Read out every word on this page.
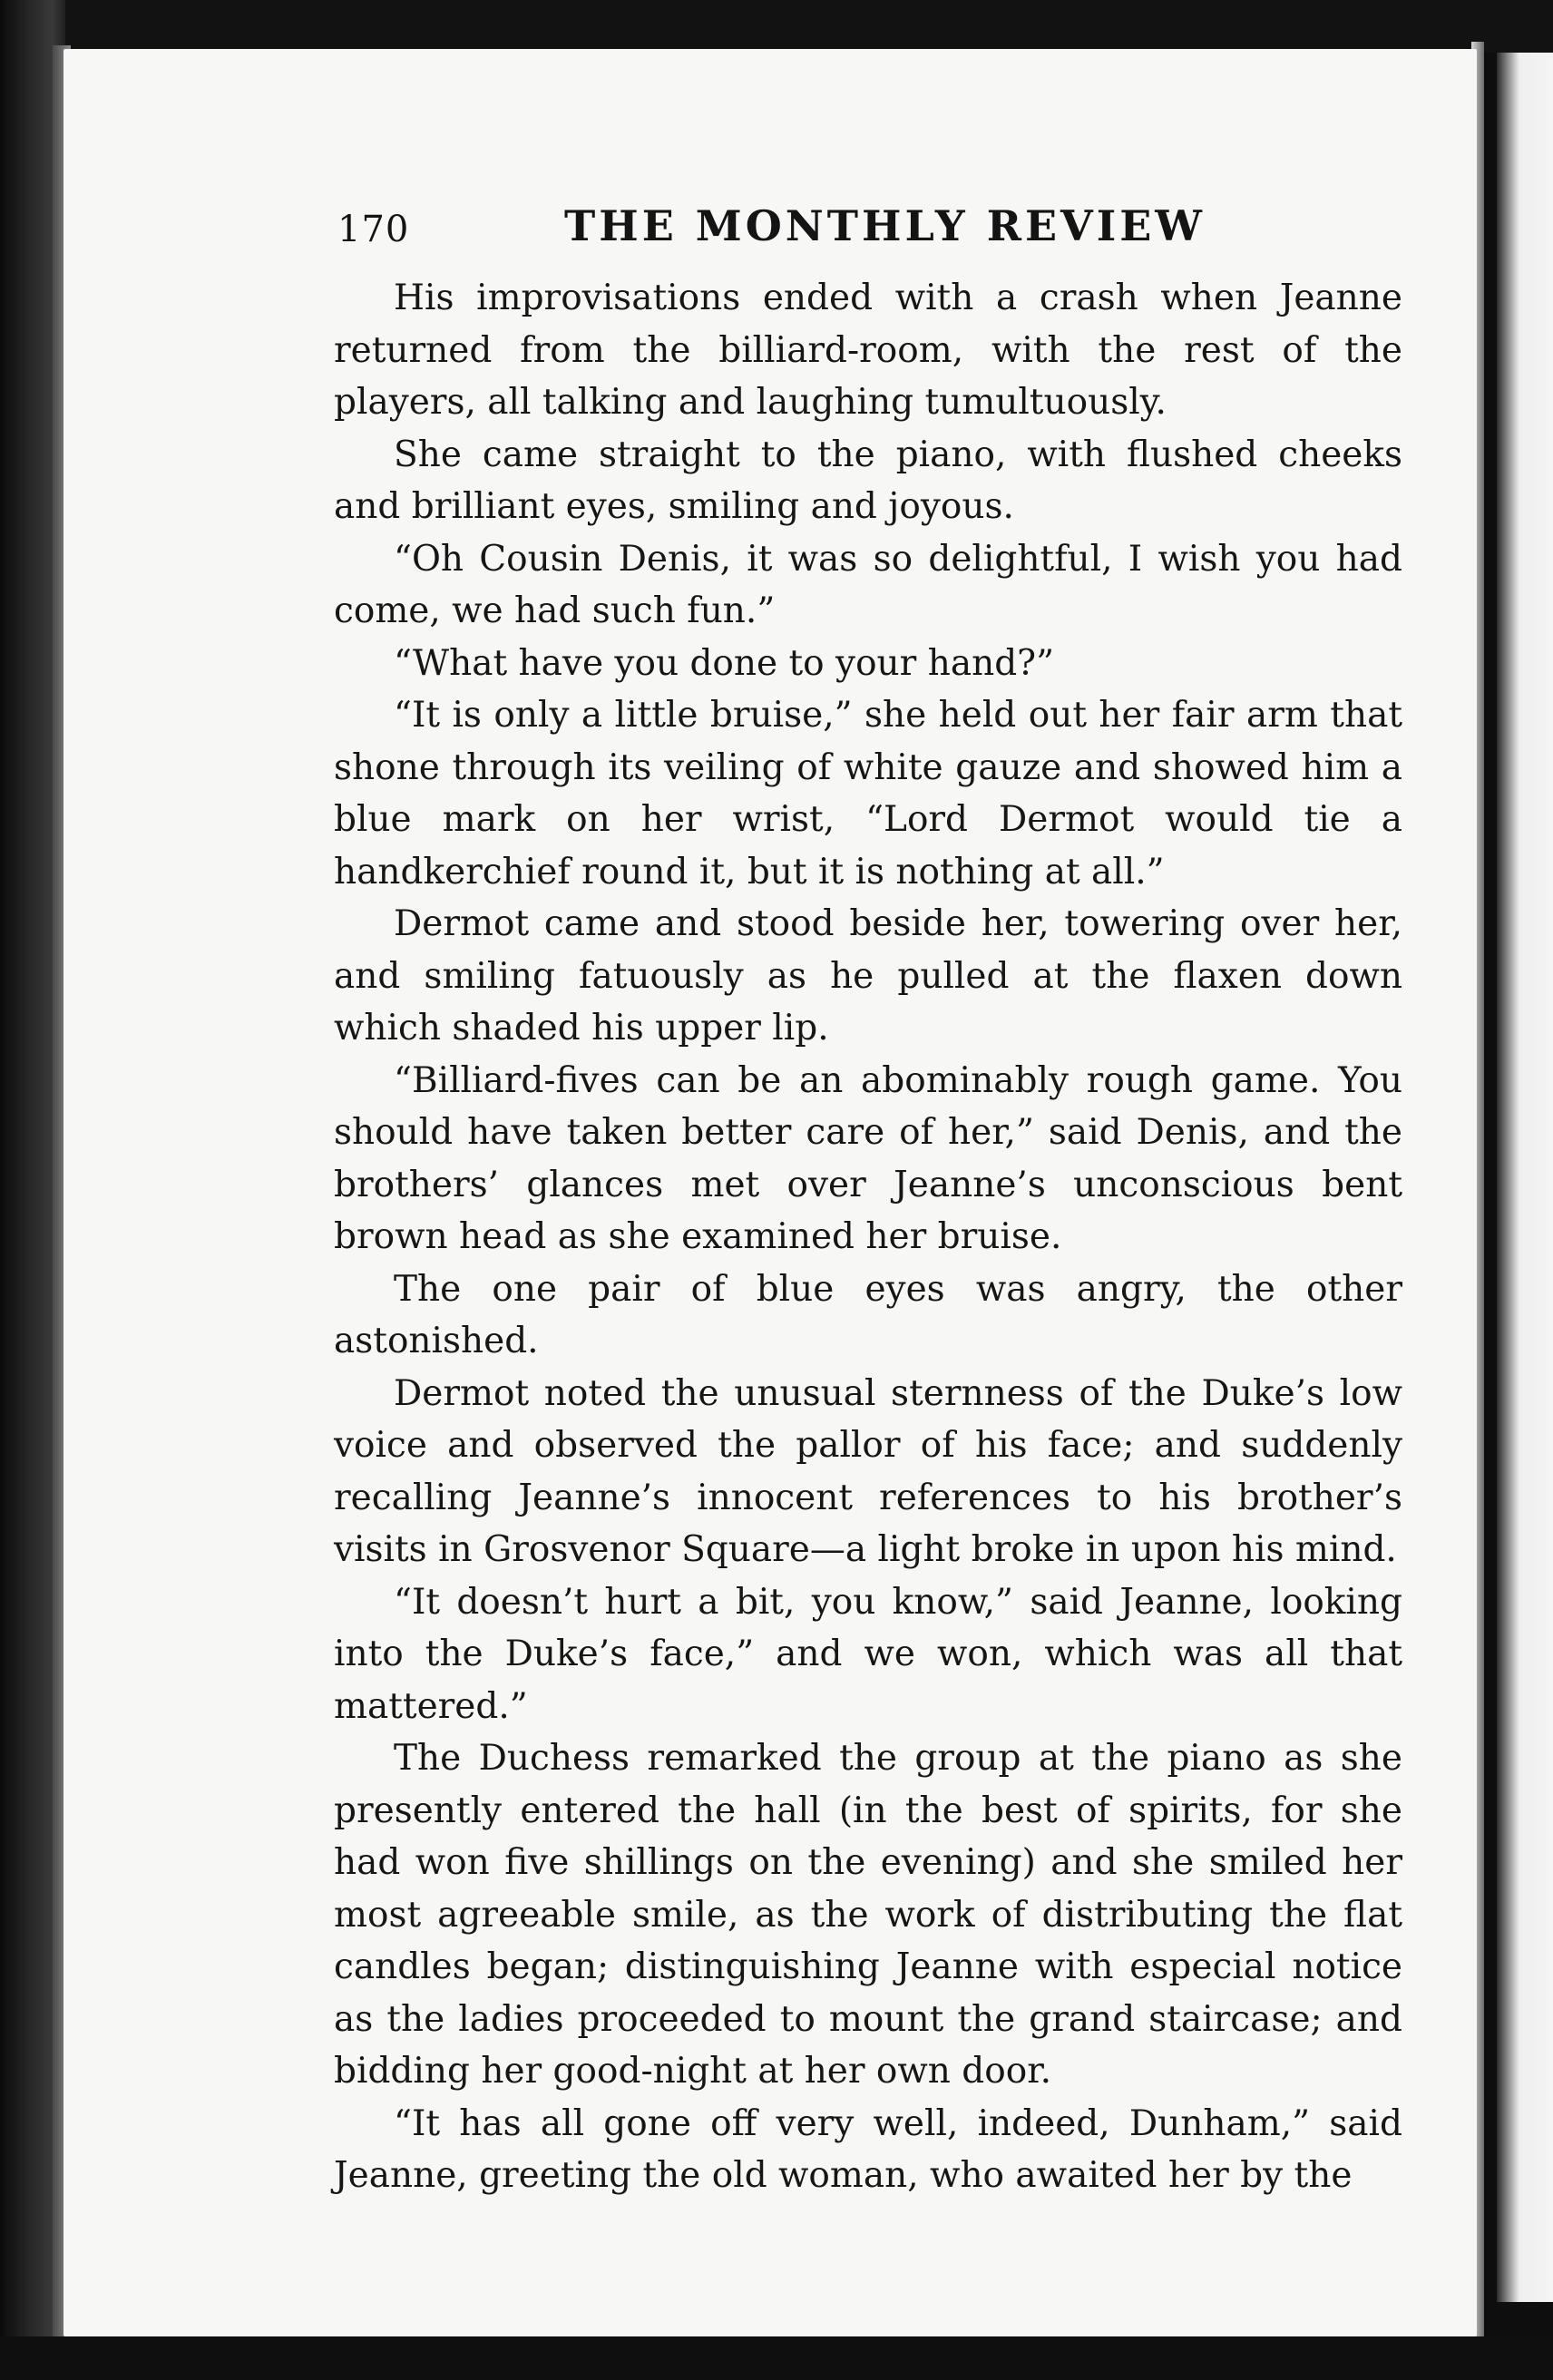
170	THE MONTHLY REVIEW

His improvisations ended with a crash when Jeanne returned from the billiard-room, with the rest of the players, all talking and laughing tumultuously.

She came straight to the piano, with flushed cheeks and brilliant eyes, smiling and joyous.

“Oh Cousin Denis, it was so delightful, I wish you had come, we had such fun.”

“What have you done to your hand?”

“It is only a little bruise,” she held out her fair arm that shone through its veiling of white gauze and showed him a blue mark on her wrist, “Lord Dermot would tie a handkerchief round it, but it is nothing at all.”

Dermot came and stood beside her, towering over her, and smiling fatuously as he pulled at the flaxen down which shaded his upper lip.

“Billiard-fives can be an abominably rough game. You should have taken better care of her,” said Denis, and the brothers’ glances met over Jeanne’s unconscious bent brown head as she examined her bruise.

The one pair of blue eyes was angry, the other astonished.

Dermot noted the unusual sternness of the Duke’s low voice and observed the pallor of his face; and suddenly recalling Jeanne’s innocent references to his brother’s visits in Grosvenor Square—a light broke in upon his mind.

“It doesn’t hurt a bit, you know,” said Jeanne, looking into the Duke’s face,” and we won, which was all that mattered.”

The Duchess remarked the group at the piano as she presently entered the hall (in the best of spirits, for she had won five shillings on the evening) and she smiled her most agreeable smile, as the work of distributing the flat candles began; distinguishing Jeanne with especial notice as the ladies proceeded to mount the grand staircase; and bidding her good-night at her own door.

“It has all gone off very well, indeed, Dunham,” said Jeanne, greeting the old woman, who awaited her by the
